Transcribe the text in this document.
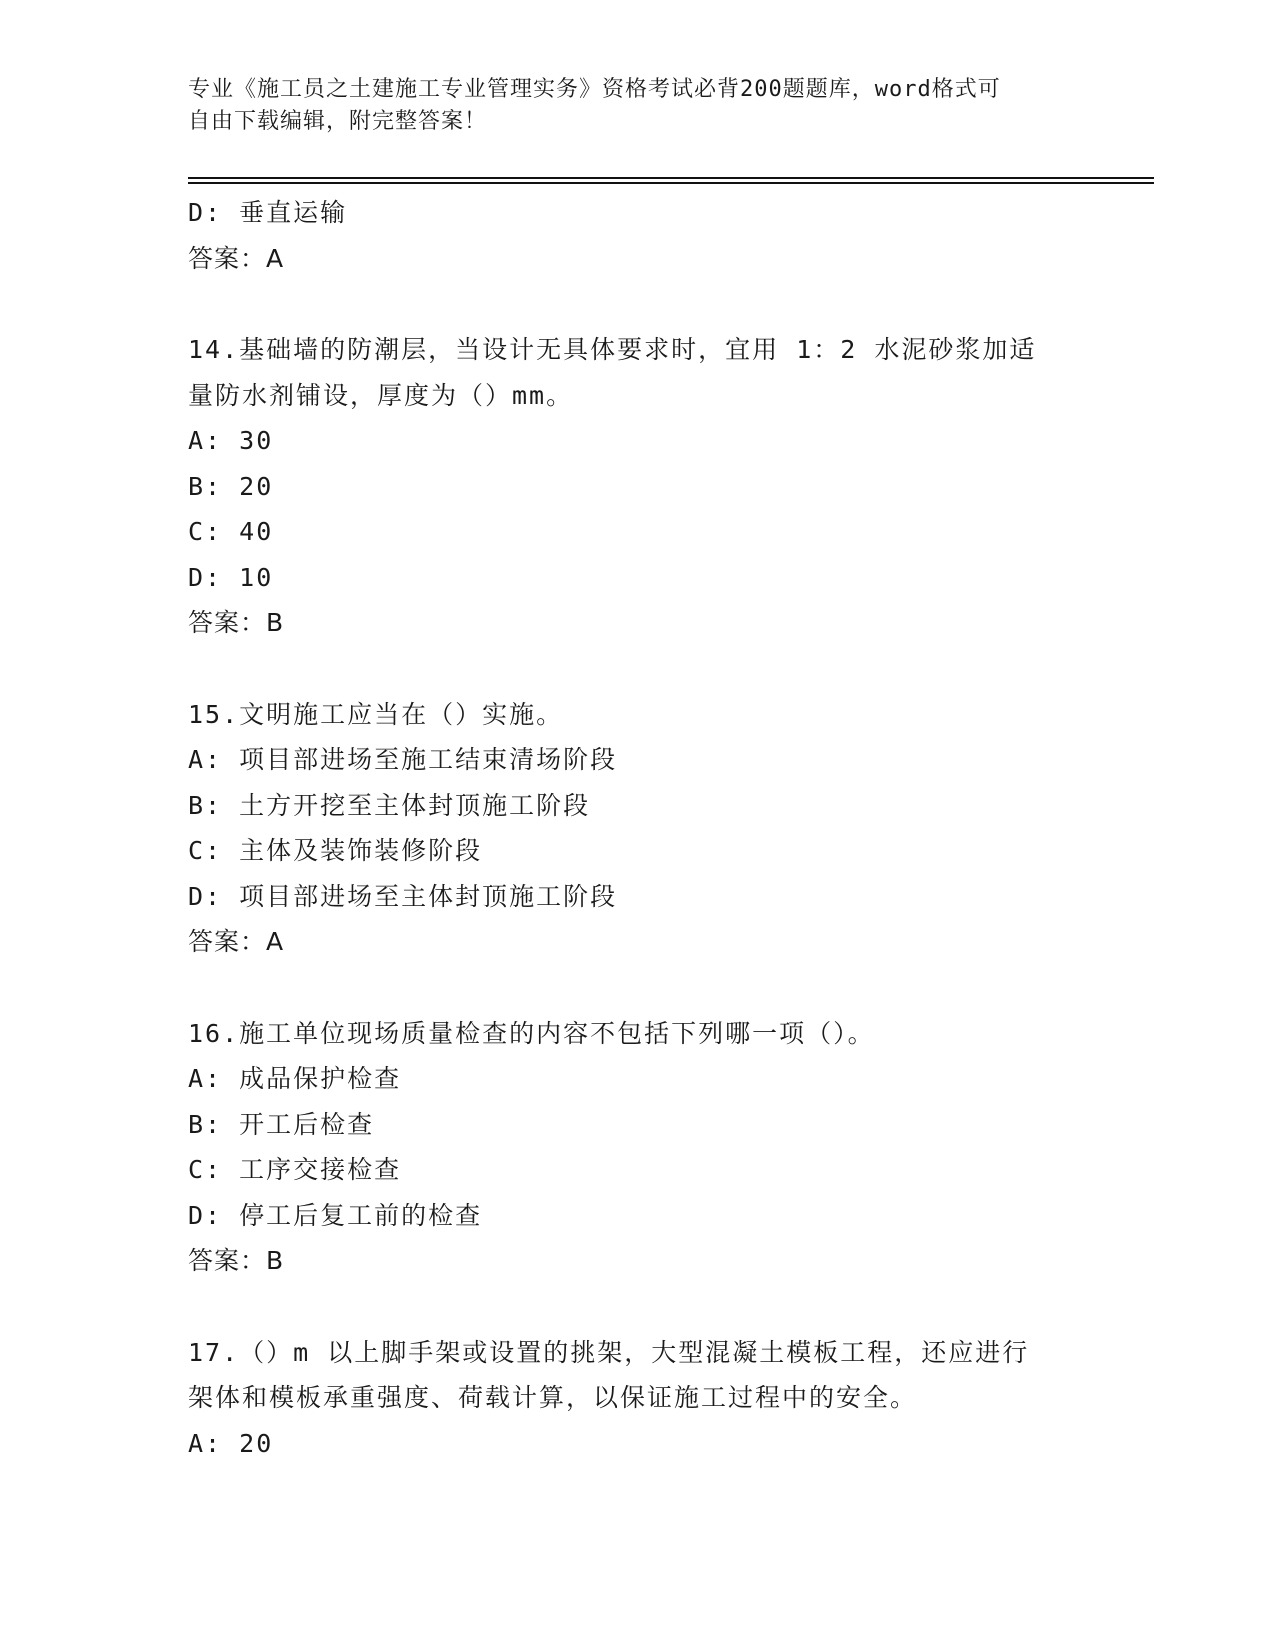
专业《施工员之土建施工专业管理实务》资格考试必背200题题库，word格式可
自由下载编辑，附完整答案！
D: 垂直运输
答案：A
14.基础墙的防潮层，当设计无具体要求时，宜用 1：2 水泥砂浆加适
量防水剂铺设，厚度为（）mm。
A: 30
B: 20
C: 40
D: 10
答案：B
15.文明施工应当在（）实施。
A: 项目部进场至施工结束清场阶段
B: 土方开挖至主体封顶施工阶段
C: 主体及装饰装修阶段
D: 项目部进场至主体封顶施工阶段
答案：A
16.施工单位现场质量检查的内容不包括下列哪一项（）。
A: 成品保护检查
B: 开工后检查
C: 工序交接检查
D: 停工后复工前的检查
答案：B
17.（）m 以上脚手架或设置的挑架，大型混凝土模板工程，还应进行
架体和模板承重强度、荷载计算，以保证施工过程中的安全。
A: 20
